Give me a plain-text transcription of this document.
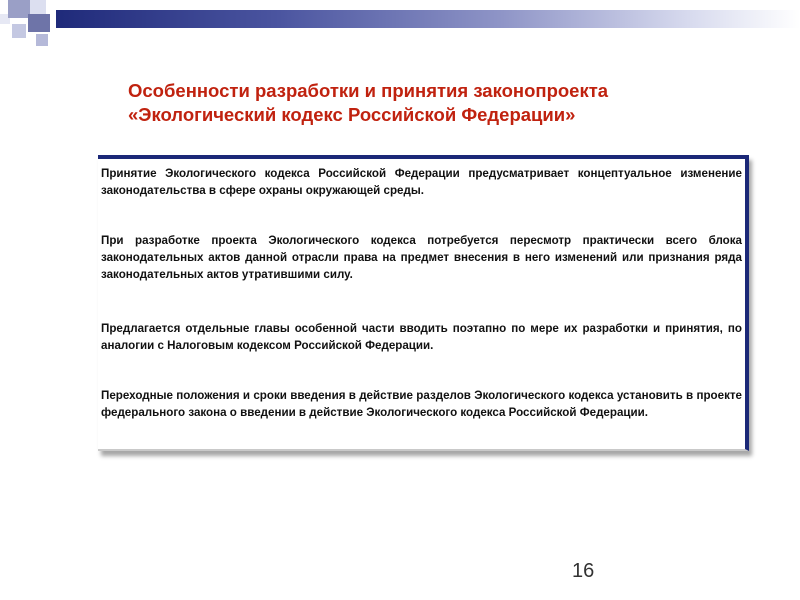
Особенности разработки и принятия законопроекта
«Экологический кодекс Российской Федерации»

Принятие Экологического кодекса Российской Федерации предусматривает концептуальное изменение законодательства в сфере охраны окружающей среды.

При разработке проекта Экологического кодекса потребуется пересмотр практически всего блока законодательных актов данной отрасли права на предмет внесения в него изменений или признания ряда законодательных актов утратившими силу.

Предлагается отдельные главы особенной части вводить поэтапно по мере их разработки и принятия, по аналогии с Налоговым кодексом Российской Федерации.

Переходные положения и сроки введения в действие разделов Экологического кодекса установить в проекте федерального закона о введении в действие Экологического кодекса Российской Федерации.

16
